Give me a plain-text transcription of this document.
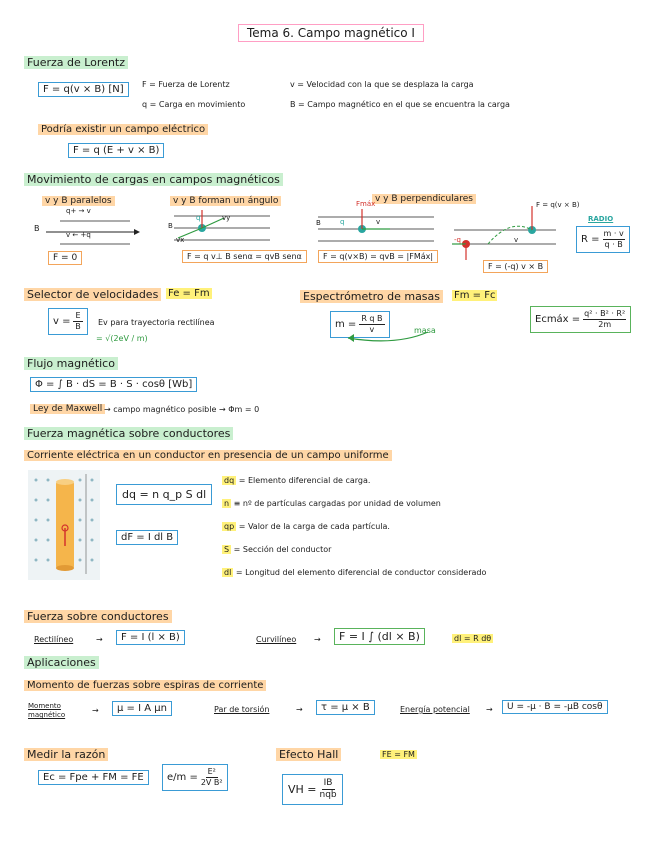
Tema 6. Campo magnético I
Fuerza de Lorentz
F = q(v × B) [N]	F = Fuerza de Lorentz
q = Carga en movimiento
v = Velocidad con la que se desplaza la carga
B = Campo magnético en el que se encuentra la carga
Podría existir un campo eléctrico
F = q (E + v × B)
Movimiento de cargas en campos magnéticos
v y B paralelos
B
q+ → v
v ← +q
F = 0
v y B forman un ángulo
B
q	vy
vx
F = q v⊥ B senα = qvB senα
v y B perpendiculares
B
Fmáx
q	v
F = q(v×B) = qvB = |FMáx|
F = q(v × B)
-q	v
F = (-q) v × B
RADIO
$R = \frac{m \cdot v}{q \cdot B}$
Selector de velocidades Fe = Fm
$v = \frac{E}{B}$ Ev para trayectoria rectilínea
= √(2eV / m)
Espectrómetro de masas	Fm = Fc
$m = \frac{\text{R q B}}{v}$	masa
Ecmáx = $\frac{\text{q² · B² · R²}}{2m}$
Flujo magnético
Φ = ∫ B · dS = B · S · cosθ [Wb]
Ley de Maxwell → campo magnético posible → Φm = 0
Fuerza magnética sobre conductores
Corriente eléctrica en un conductor en presencia de un campo uniforme
dq = n q_p S dl
dF = I dl B
dq = Elemento diferencial de carga.
n ≡ nº de partículas cargadas por unidad de volumen
qp = Valor de la carga de cada partícula.
S = Sección del conductor
dl = Longitud del elemento diferencial de conductor considerado
Fuerza sobre conductores
Rectilíneo	→	F = I (l × B)	Curvilíneo →	F = I ∫ (dl × B)	dl = R dθ
Aplicaciones
Momento de fuerzas sobre espiras de corriente
Momento
magnético	→	μ = I A μn	Par de torsión	→	τ = μ × B	Energía potencial →	U = -μ · B = -μB cosθ
Medir la razón
Ec = Fpe + FM = FE	$e/m = \frac{\text{E²}}{\text{2V B²}}$
Efecto Hall	FE = FM
VH = IB
nqb
